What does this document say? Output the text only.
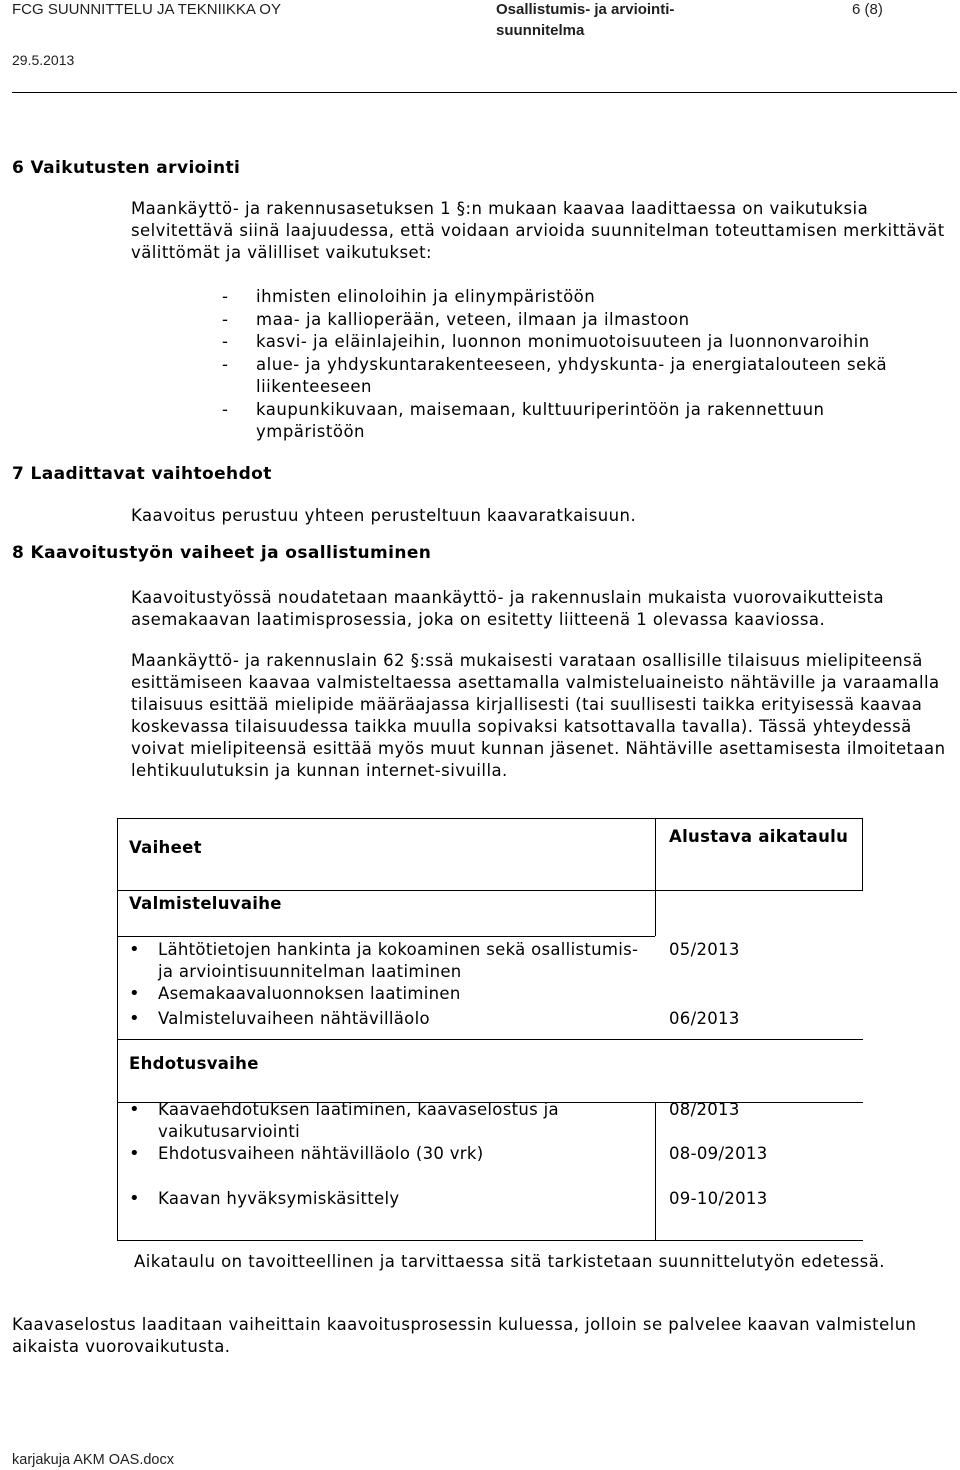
FCG SUUNNITTELU JA TEKNIIKKA OY
29.5.2013
Osallistumis- ja arviointi-
suunnitelma
6 (8)
6 Vaikutusten arviointi
Maankäyttö- ja rakennusasetuksen 1 §:n mukaan kaavaa laadittaessa on vaikutuksia selvitettävä siinä laajuudessa, että voidaan arvioida suunnitelman toteuttamisen merkittävät välittömät ja välilliset vaikutukset:
- ihmisten elinoloihin ja elinympäristöön
- maa- ja kallioperään, veteen, ilmaan ja ilmastoon
- kasvi- ja eläinlajeihin, luonnon monimuotoisuuteen ja luonnonvaroihin
- alue- ja yhdyskuntarakenteeseen, yhdyskunta- ja energiatalouteen sekä liikenteeseen
- kaupunkikuvaan, maisemaan, kulttuuriperintöön ja rakennettuun ympäristöön
7 Laadittavat vaihtoehdot
Kaavoitus perustuu yhteen perusteltuun kaavaratkaisuun.
8 Kaavoitustyön vaiheet ja osallistuminen
Kaavoitustyössä noudatetaan maankäyttö- ja rakennuslain mukaista vuorovaikutteista asemakaavan laatimisprosessia, joka on esitetty liitteenä 1 olevassa kaaviossa.
Maankäyttö- ja rakennuslain 62 §:ssä mukaisesti varataan osallisille tilaisuus mielipiteensä esittämiseen kaavaa valmisteltaessa asettamalla valmisteluaineisto nähtäville ja varaamalla tilaisuus esittää mielipide määräajassa kirjallisesti (tai suullisesti taikka erityisessä kaavaa koskevassa tilaisuudessa taikka muulla sopivaksi katsottavalla tavalla). Tässä yhteydessä voivat mielipiteensä esittää myös muut kunnan jäsenet. Nähtäville asettamisesta ilmoitetaan lehtikuulutuksin ja kunnan internet-sivuilla.
Vaiheet
Alustava aikataulu
Valmisteluvaihe
• Lähtötietojen hankinta ja kokoaminen sekä osallistumis- ja arviointisuunnitelman laatiminen
• Asemakaavaluonnoksen laatiminen
05/2013
• Valmisteluvaiheen nähtävilläolo	06/2013
Ehdotusvaihe
• Kaavaehdotuksen laatiminen, kaavaselostus ja vaikutusarviointi
• Ehdotusvaiheen nähtävilläolo (30 vrk)
• Kaavan hyväksymiskäsittely
08/2013
08-09/2013
09-10/2013
Aikataulu on tavoitteellinen ja tarvittaessa sitä tarkistetaan suunnittelutyön edetessä.
Kaavaselostus laaditaan vaiheittain kaavoitusprosessin kuluessa, jolloin se palvelee kaavan valmistelun aikaista vuorovaikutusta.
karjakuja AKM OAS.docx
